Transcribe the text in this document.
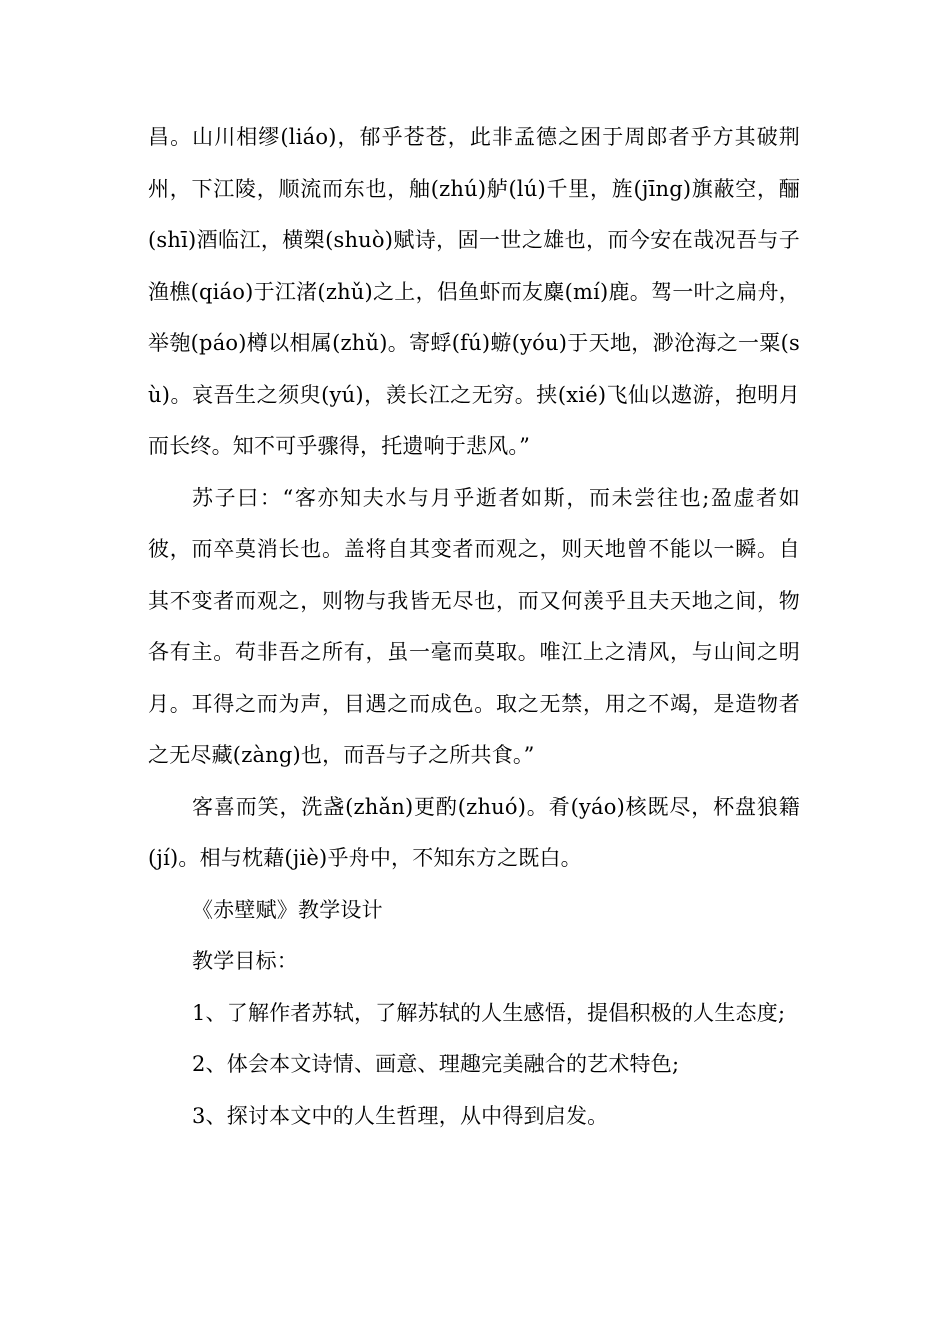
昌。山川相缪(liáo)，郁乎苍苍，此非孟德之困于周郎者乎方其破荆州，下江陵，顺流而东也，舳(zhú)舻(lú)千里，旌(jīng)旗蔽空，酾(shī)酒临江，横槊(shuò)赋诗，固一世之雄也，而今安在哉况吾与子渔樵(qiáo)于江渚(zhǔ)之上，侣鱼虾而友麋(mí)鹿。驾一叶之扁舟，举匏(páo)樽以相属(zhǔ)。寄蜉(fú)蝣(yóu)于天地，渺沧海之一粟(sù)。哀吾生之须臾(yú)，羡长江之无穷。挟(xié)飞仙以遨游，抱明月而长终。知不可乎骤得，托遗响于悲风。”

苏子曰：“客亦知夫水与月乎逝者如斯，而未尝往也;盈虚者如彼，而卒莫消长也。盖将自其变者而观之，则天地曾不能以一瞬。自其不变者而观之，则物与我皆无尽也，而又何羡乎且夫天地之间，物各有主。苟非吾之所有，虽一毫而莫取。唯江上之清风，与山间之明月。耳得之而为声，目遇之而成色。取之无禁，用之不竭，是造物者之无尽藏(zàng)也，而吾与子之所共食。”

客喜而笑，洗盏(zhǎn)更酌(zhuó)。肴(yáo)核既尽，杯盘狼籍(jí)。相与枕藉(jiè)乎舟中，不知东方之既白。

《赤壁赋》教学设计

教学目标：

1、了解作者苏轼，了解苏轼的人生感悟，提倡积极的人生态度;

2、体会本文诗情、画意、理趣完美融合的艺术特色;

3、探讨本文中的人生哲理，从中得到启发。
